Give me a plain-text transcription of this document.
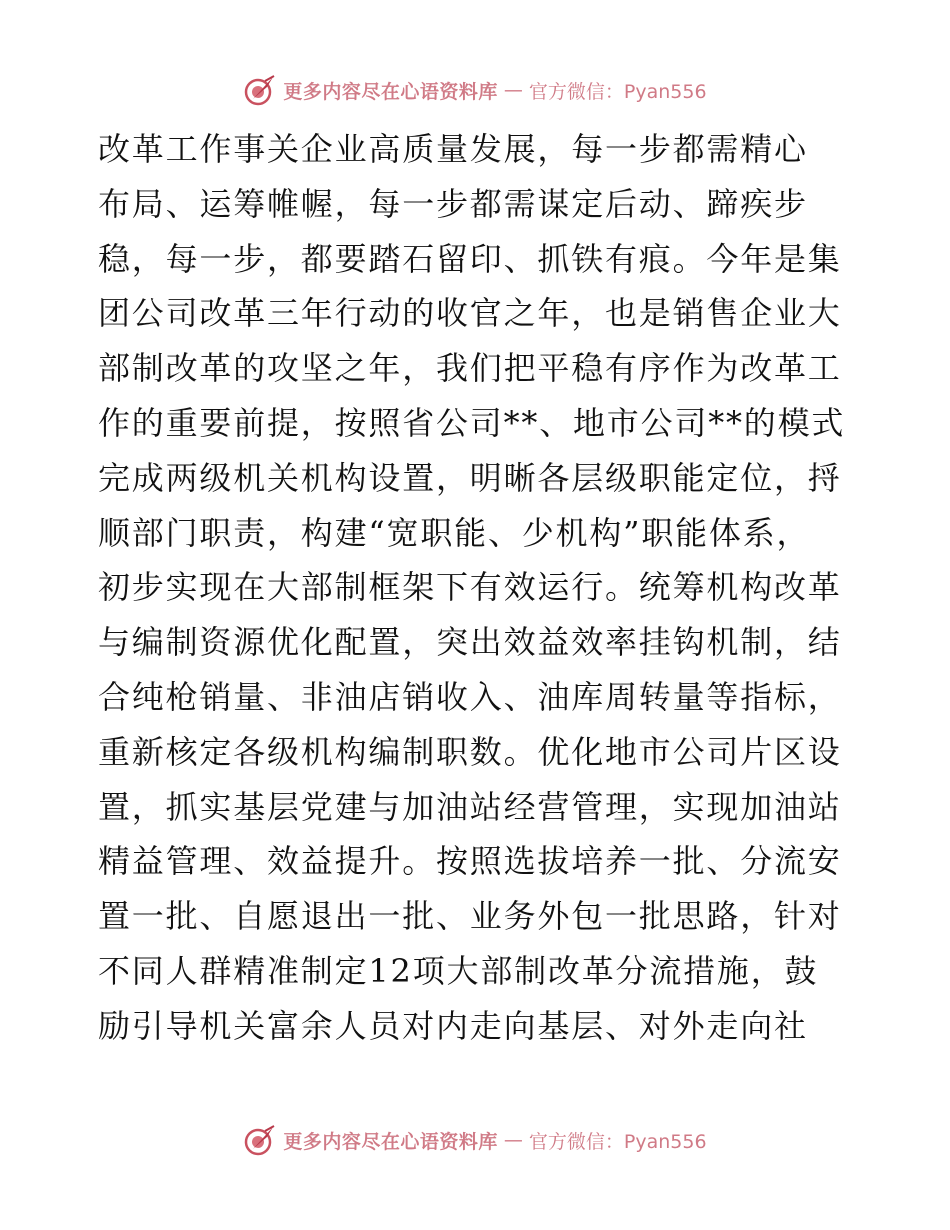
更多内容尽在心语资料库 — 官方微信：Pyan556
改革工作事关企业高质量发展，每一步都需精心
布局、运筹帷幄，每一步都需谋定后动、蹄疾步
稳，每一步，都要踏石留印、抓铁有痕。今年是集
团公司改革三年行动的收官之年，也是销售企业大
部制改革的攻坚之年，我们把平稳有序作为改革工
作的重要前提，按照省公司**、地市公司**的模式
完成两级机关机构设置，明晰各层级职能定位，捋
顺部门职责，构建“宽职能、少机构”职能体系，
初步实现在大部制框架下有效运行。统筹机构改革
与编制资源优化配置，突出效益效率挂钩机制，结
合纯枪销量、非油店销收入、油库周转量等指标，
重新核定各级机构编制职数。优化地市公司片区设
置，抓实基层党建与加油站经营管理，实现加油站
精益管理、效益提升。按照选拔培养一批、分流安
置一批、自愿退出一批、业务外包一批思路，针对
不同人群精准制定12项大部制改革分流措施，鼓
励引导机关富余人员对内走向基层、对外走向社
更多内容尽在心语资料库 — 官方微信：Pyan556
